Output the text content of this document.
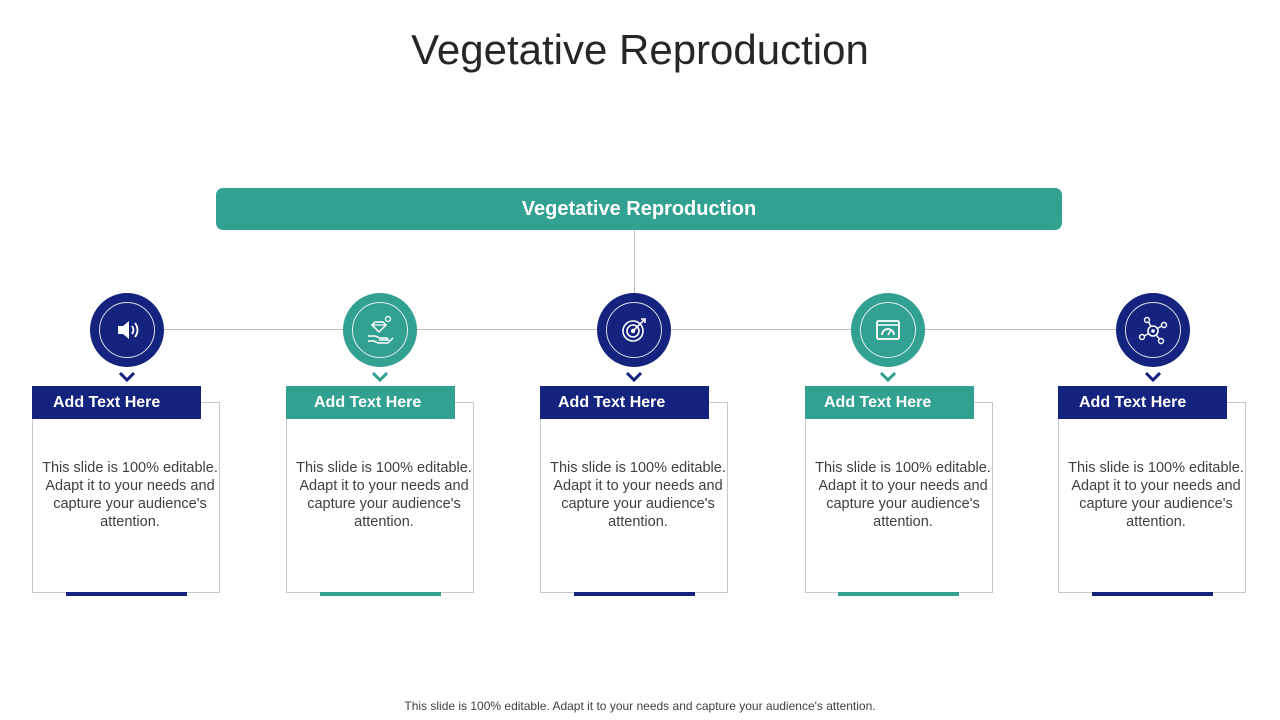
Vegetative Reproduction
Vegetative Reproduction
Add Text Here
This slide is 100% editable. Adapt it to your needs and capture your audience's attention.
Add Text Here
This slide is 100% editable. Adapt it to your needs and capture your audience's attention.
Add Text Here
This slide is 100% editable. Adapt it to your needs and capture your audience's attention.
Add Text Here
This slide is 100% editable. Adapt it to your needs and capture your audience's attention.
Add Text Here
This slide is 100% editable. Adapt it to your needs and capture your audience's attention.
This slide is 100% editable. Adapt it to your needs and capture your audience's attention.
